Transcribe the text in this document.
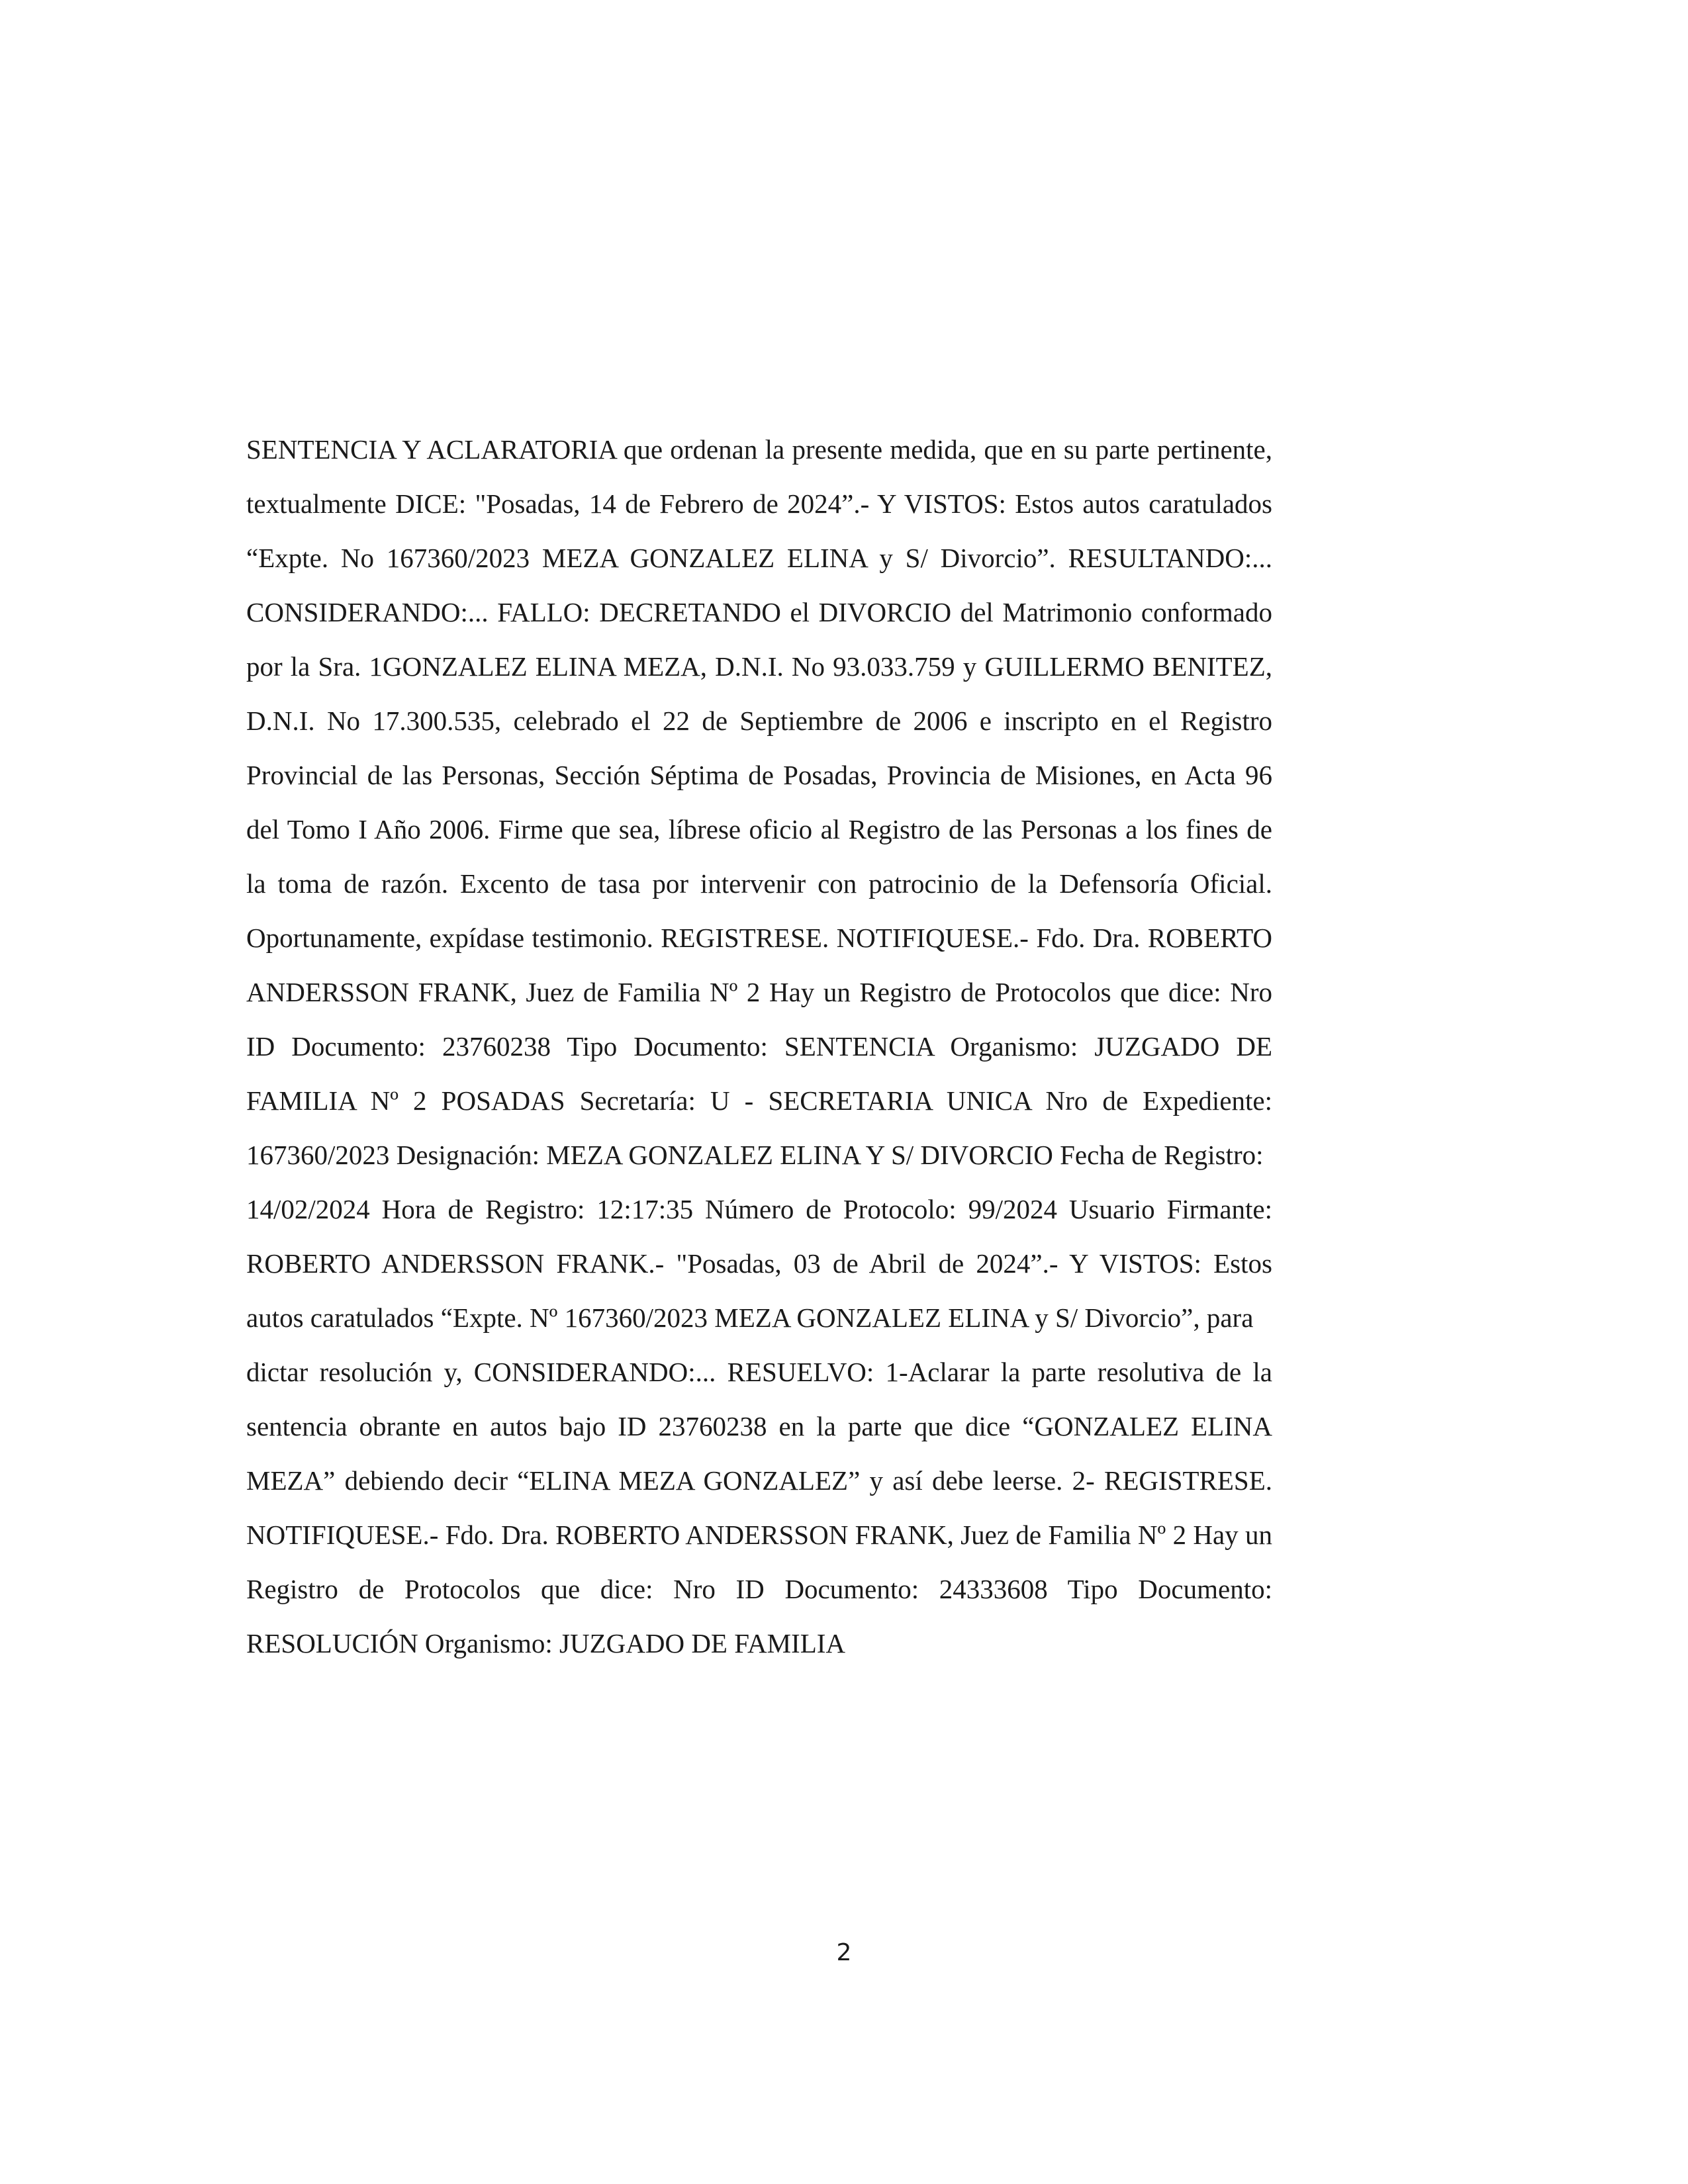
SENTENCIA Y ACLARATORIA que ordenan la presente medida, que en su parte pertinente, textualmente DICE: "Posadas, 14 de Febrero de 2024”.- Y VISTOS: Estos autos caratulados “Expte. No 167360/2023 MEZA GONZALEZ ELINA y S/ Divorcio”. RESULTANDO:... CONSIDERANDO:... FALLO: DECRETANDO el DIVORCIO del Matrimonio conformado por la Sra. 1GONZALEZ ELINA MEZA, D.N.I. No 93.033.759 y GUILLERMO BENITEZ, D.N.I. No 17.300.535, celebrado el 22 de Septiembre de 2006 e inscripto en el Registro Provincial de las Personas, Sección Séptima de Posadas, Provincia de Misiones, en Acta 96 del Tomo I Año 2006. Firme que sea, líbrese oficio al Registro de las Personas a los fines de la toma de razón. Excento de tasa por intervenir con patrocinio de la Defensoría Oficial. Oportunamente, expídase testimonio. REGISTRESE. NOTIFIQUESE.- Fdo. Dra. ROBERTO ANDERSSON FRANK, Juez de Familia Nº 2 Hay un Registro de Protocolos que dice: Nro ID Documento: 23760238 Tipo Documento: SENTENCIA Organismo: JUZGADO DE FAMILIA Nº 2 POSADAS Secretaría: U - SECRETARIA UNICA Nro de Expediente: 167360/2023 Designación: MEZA GONZALEZ ELINA Y S/ DIVORCIO Fecha de Registro:

14/02/2024 Hora de Registro: 12:17:35 Número de Protocolo: 99/2024 Usuario Firmante: ROBERTO ANDERSSON FRANK.- "Posadas, 03 de Abril de 2024”.- Y VISTOS: Estos autos caratulados “Expte. Nº 167360/2023 MEZA GONZALEZ ELINA y S/ Divorcio”, para

dictar resolución y, CONSIDERANDO:... RESUELVO: 1-Aclarar la parte resolutiva de la sentencia obrante en autos bajo ID 23760238 en la parte que dice “GONZALEZ ELINA MEZA” debiendo decir “ELINA MEZA GONZALEZ” y así debe leerse. 2- REGISTRESE. NOTIFIQUESE.- Fdo. Dra. ROBERTO ANDERSSON FRANK, Juez de Familia Nº 2 Hay un Registro de Protocolos que dice: Nro ID Documento: 24333608 Tipo Documento: RESOLUCIÓN Organismo: JUZGADO DE FAMILIA

2
